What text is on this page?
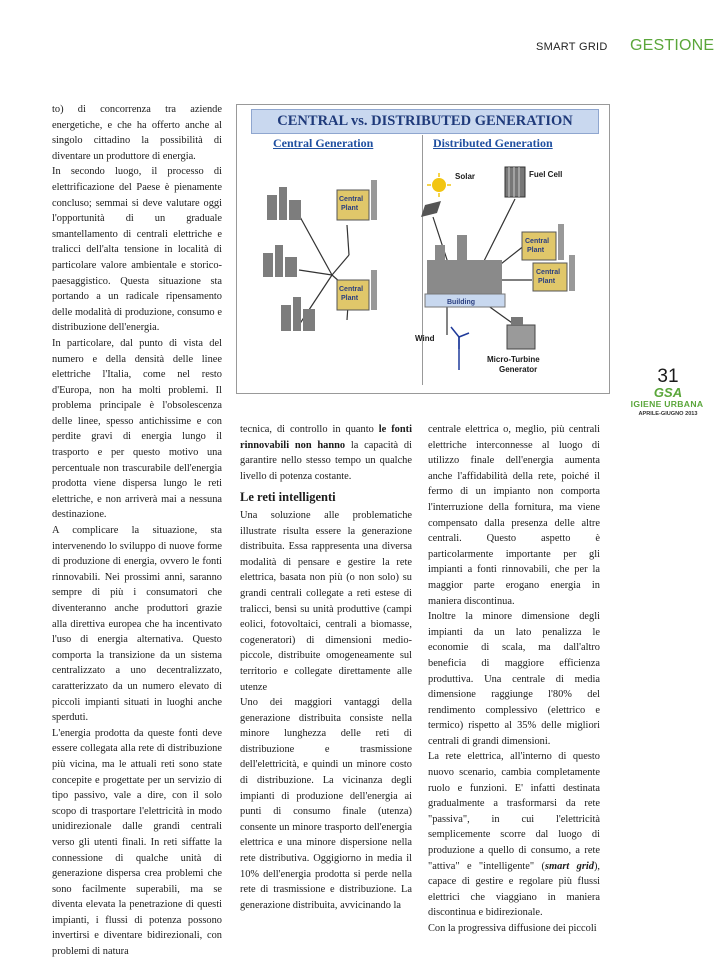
SMART GRID GESTIONE

to) di concorrenza tra aziende energetiche, e che ha offerto anche al singolo cittadino la possibilità di diventare un produttore di energia.

In secondo luogo, il processo di elettrificazione del Paese è pienamente concluso; semmai si deve valutare oggi l'opportunità di un graduale smantellamento di centrali elettriche e tralicci dell'alta tensione in località di particolare valore ambientale e storico-paesaggistico. Questa situazione sta portando a un radicale ripensamento delle modalità di produzione, consumo e distribuzione dell'energia.

In particolare, dal punto di vista del numero e della densità delle linee elettriche l'Italia, come nel resto d'Europa, non ha molti problemi. Il problema principale è l'obsolescenza delle linee, spesso antichissime e con perdite gravi di energia lungo il trasporto e per questo motivo una percentuale non trascurabile dell'energia prodotta viene dispersa lungo le reti elettriche, e non arriverà mai a nessuna destinazione.

A complicare la situazione, sta intervenendo lo sviluppo di nuove forme di produzione di energia, ovvero le fonti rinnovabili. Nei prossimi anni, saranno sempre di più i consumatori che diventeranno anche produttori grazie alla direttiva europea che ha incentivato l'uso di energia alternativa. Questo comporta la transizione da un sistema centralizzato a uno decentralizzato, caratterizzato da un numero elevato di piccoli impianti situati in luoghi anche sperduti.

L'energia prodotta da queste fonti deve essere collegata alla rete di distribuzione più vicina, ma le attuali reti sono state concepite e progettate per un servizio di tipo passivo, vale a dire, con il solo scopo di trasportare l'elettricità in modo unidirezionale dalle grandi centrali verso gli utenti finali. In reti siffatte la connessione di qualche unità di generazione dispersa crea problemi che sono facilmente superabili, ma se diventa elevata la penetrazione di questi impianti, i flussi di potenza possono invertirsi e diventare bidirezionali, con problemi di natura

CENTRAL vs. DISTRIBUTED GENERATION
Central Generation	Distributed Generation
Central
Plant
Central
Plant
Solar	Fuel Cell
Building
Central
Plant
Central
Plant
Wind
Micro-Turbine
Generator

tecnica, di controllo in quanto le fonti rinnovabili non hanno la capacità di garantire nello stesso tempo un qualche livello di potenza costante.

Le reti intelligenti

Una soluzione alle problematiche illustrate risulta essere la generazione distribuita. Essa rappresenta una diversa modalità di pensare e gestire la rete elettrica, basata non più (o non solo) su grandi centrali collegate a reti estese di tralicci, bensì su unità produttive (campi eolici, fotovoltaici, centrali a biomasse, cogeneratori) di dimensioni medio-piccole, distribuite omogeneamente sul territorio e collegate direttamente alle utenze

Uno dei maggiori vantaggi della generazione distribuita consiste nella minore lunghezza delle reti di distribuzione e trasmissione dell'elettricità, e quindi un minore costo di distribuzione. La vicinanza degli impianti di produzione dell'energia ai punti di consumo finale (utenza) consente un minore trasporto dell'energia elettrica e una minore dispersione nella rete distributiva. Oggigiorno in media il 10% dell'energia prodotta si perde nella rete di trasmissione e distribuzione. La generazione distribuita, avvicinando la

centrale elettrica o, meglio, più centrali elettriche interconnesse al luogo di utilizzo finale dell'energia aumenta anche l'affidabilità della rete, poiché il fermo di un impianto non comporta l'interruzione della fornitura, ma viene compensato dalla presenza delle altre centrali. Questo aspetto è particolarmente importante per gli impianti a fonti rinnovabili, che per la maggior parte erogano energia in maniera discontinua.

Inoltre la minore dimensione degli impianti da un lato penalizza le economie di scala, ma dall'altro beneficia di maggiore efficienza produttiva. Una centrale di media dimensione raggiunge l'80% del rendimento complessivo (elettrico e termico) rispetto al 35% delle migliori centrali di grandi dimensioni.

La rete elettrica, all'interno di questo nuovo scenario, cambia completamente ruolo e funzioni. E' infatti destinata gradualmente a trasformarsi da rete "passiva", in cui l'elettricità semplicemente scorre dal luogo di produzione a quello di consumo, a rete "attiva" e "intelligente" (smart grid), capace di gestire e regolare più flussi elettrici che viaggiano in maniera discontinua e bidirezionale.

Con la progressiva diffusione dei piccoli

31
GSA
IGIENE URBANA
APRILE-GIUGNO 2013
